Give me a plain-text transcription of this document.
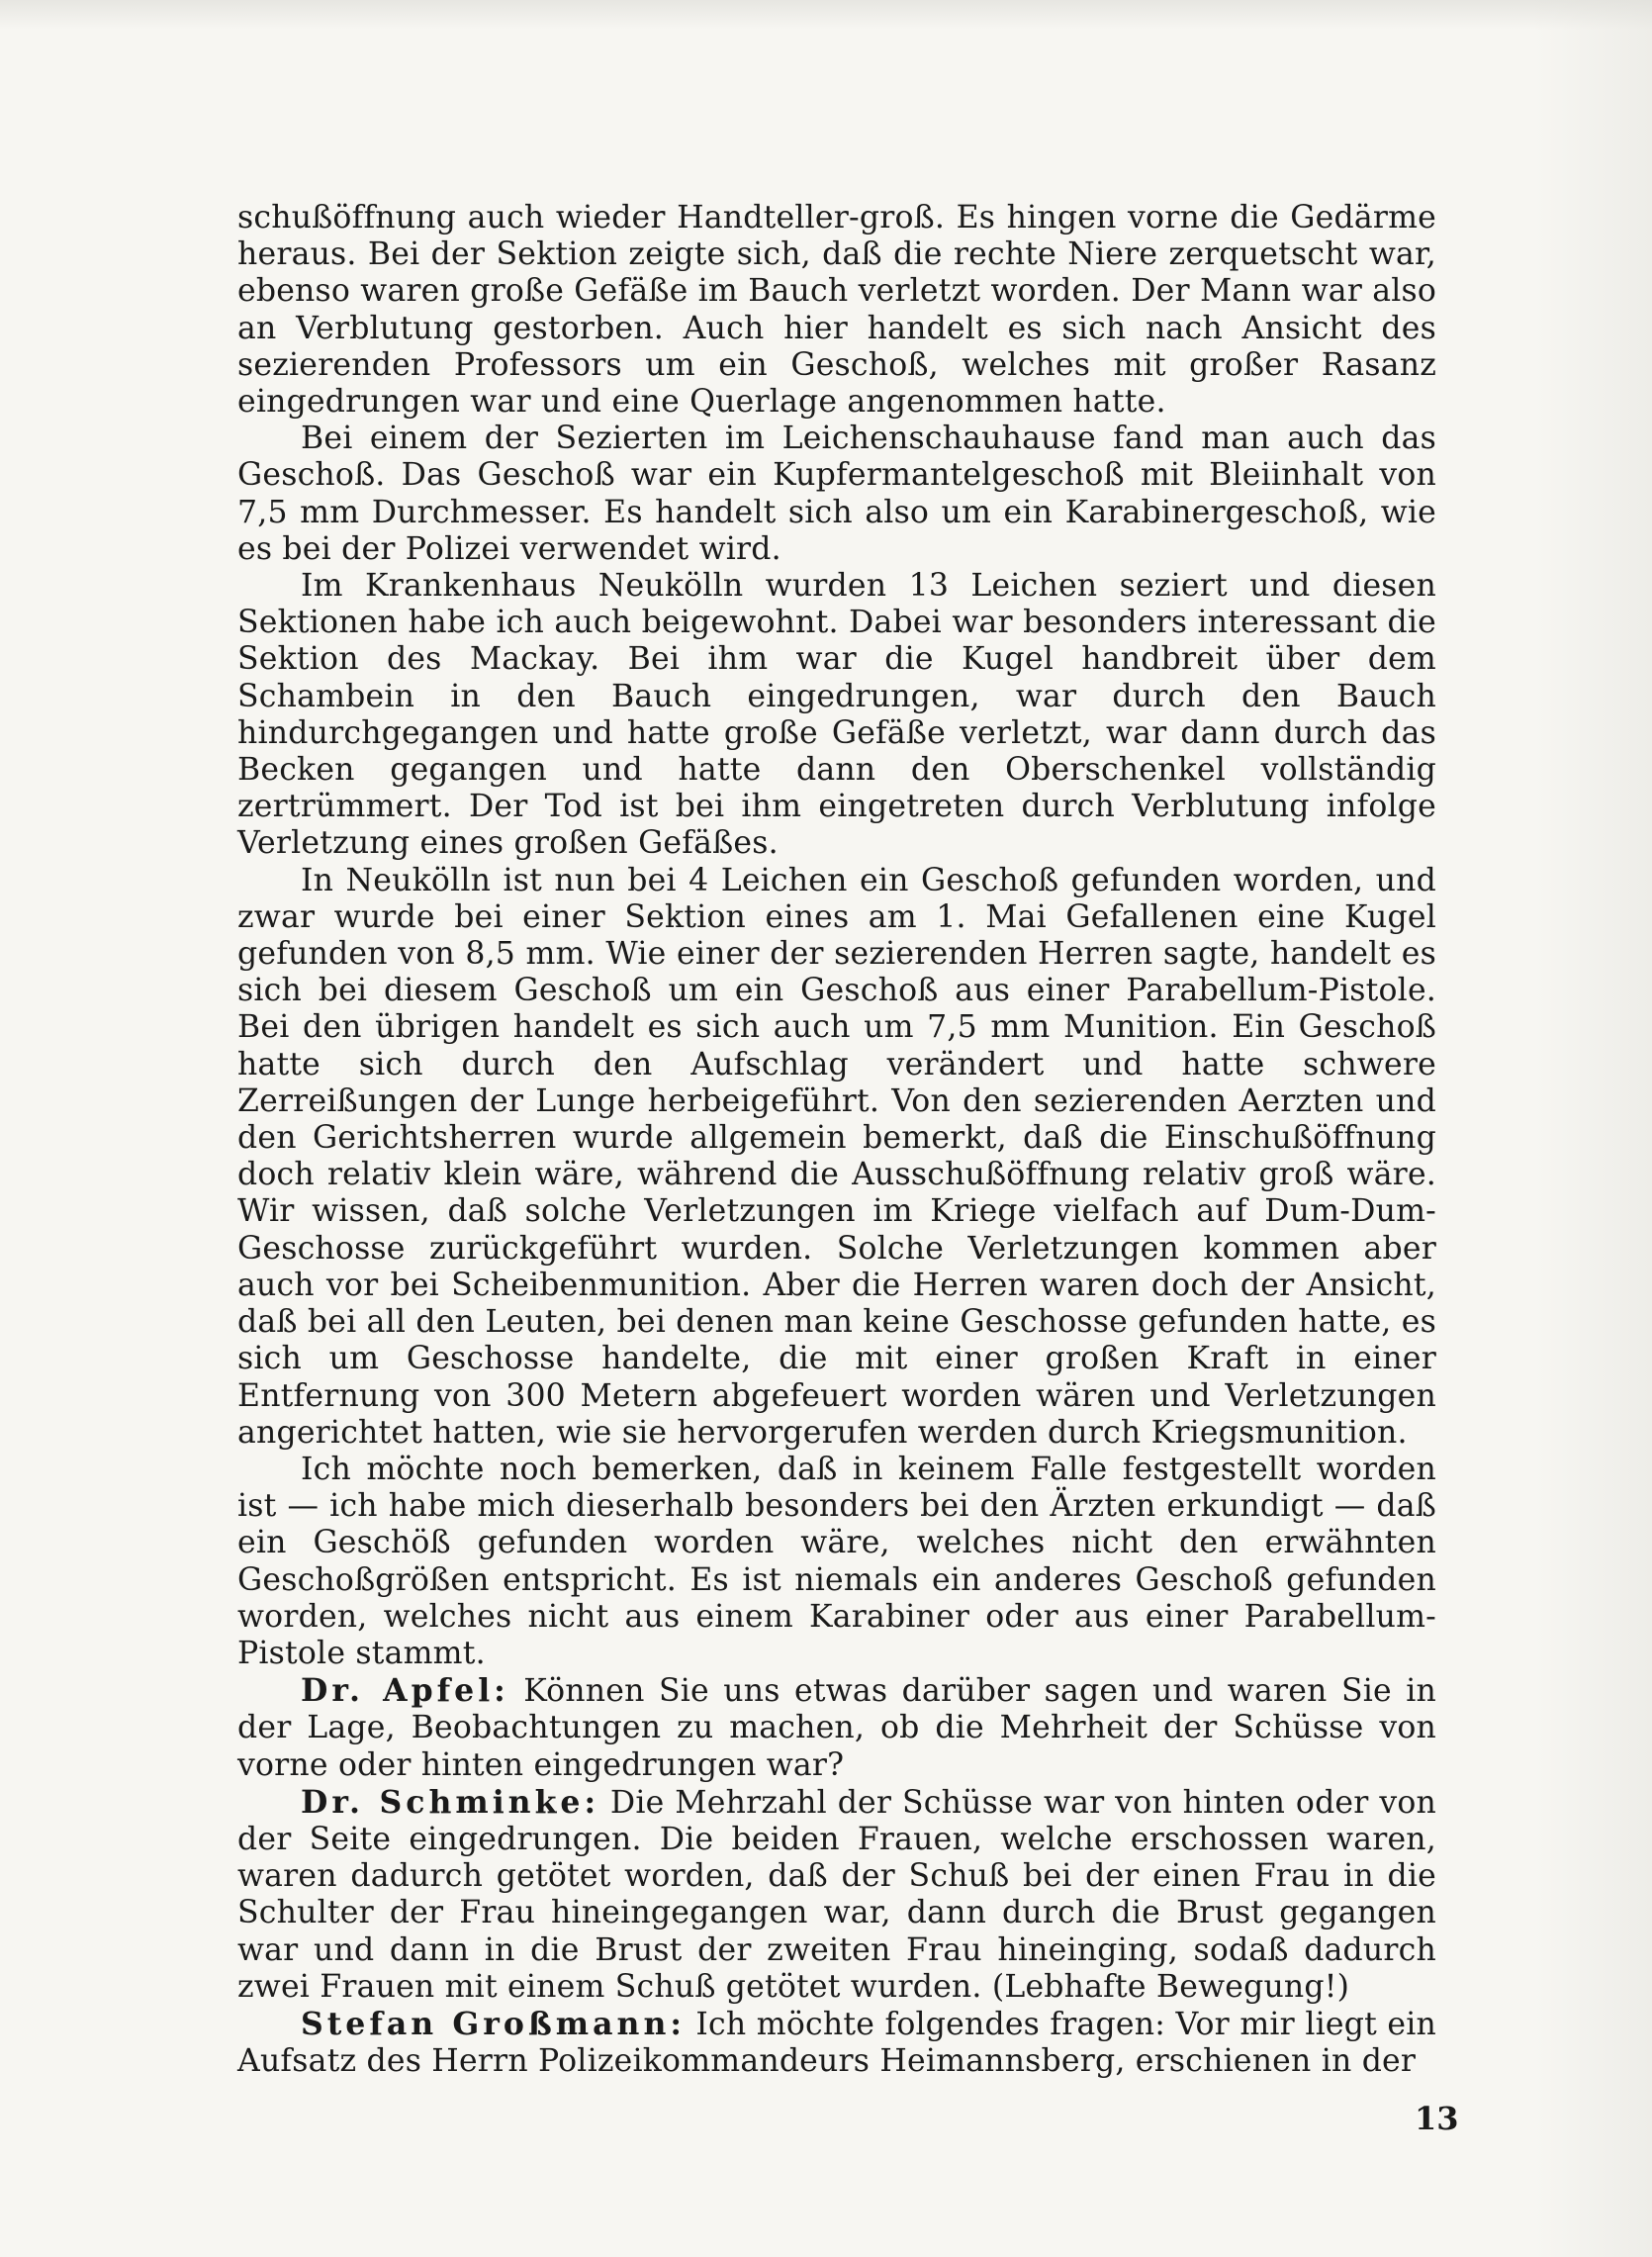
schußöffnung auch wieder Handteller-groß. Es hingen vorne die Gedärme heraus. Bei der Sektion zeigte sich, daß die rechte Niere zerquetscht war, ebenso waren große Gefäße im Bauch verletzt worden. Der Mann war also an Verblutung gestorben. Auch hier handelt es sich nach Ansicht des sezierenden Professors um ein Geschoß, welches mit großer Rasanz eingedrungen war und eine Querlage angenommen hatte.

Bei einem der Sezierten im Leichenschauhause fand man auch das Geschoß. Das Geschoß war ein Kupfermantelgeschoß mit Bleiinhalt von 7,5 mm Durchmesser. Es handelt sich also um ein Karabinergeschoß, wie es bei der Polizei verwendet wird.

Im Krankenhaus Neukölln wurden 13 Leichen seziert und diesen Sektionen habe ich auch beigewohnt. Dabei war besonders interessant die Sektion des Mackay. Bei ihm war die Kugel handbreit über dem Schambein in den Bauch eingedrungen, war durch den Bauch hindurchgegangen und hatte große Gefäße verletzt, war dann durch das Becken gegangen und hatte dann den Oberschenkel vollständig zertrümmert. Der Tod ist bei ihm eingetreten durch Verblutung infolge Verletzung eines großen Gefäßes.

In Neukölln ist nun bei 4 Leichen ein Geschoß gefunden worden, und zwar wurde bei einer Sektion eines am 1. Mai Gefallenen eine Kugel gefunden von 8,5 mm. Wie einer der sezierenden Herren sagte, handelt es sich bei diesem Geschoß um ein Geschoß aus einer Parabellum-Pistole. Bei den übrigen handelt es sich auch um 7,5 mm Munition. Ein Geschoß hatte sich durch den Aufschlag verändert und hatte schwere Zerreißungen der Lunge herbeigeführt. Von den sezierenden Aerzten und den Gerichtsherren wurde allgemein bemerkt, daß die Einschußöffnung doch relativ klein wäre, während die Ausschußöffnung relativ groß wäre. Wir wissen, daß solche Verletzungen im Kriege vielfach auf Dum-Dum-Geschosse zurückgeführt wurden. Solche Verletzungen kommen aber auch vor bei Scheibenmunition. Aber die Herren waren doch der Ansicht, daß bei all den Leuten, bei denen man keine Geschosse gefunden hatte, es sich um Geschosse handelte, die mit einer großen Kraft in einer Entfernung von 300 Metern abgefeuert worden wären und Verletzungen angerichtet hatten, wie sie hervorgerufen werden durch Kriegsmunition.

Ich möchte noch bemerken, daß in keinem Falle festgestellt worden ist — ich habe mich dieserhalb besonders bei den Ärzten erkundigt — daß ein Geschöß gefunden worden wäre, welches nicht den erwähnten Geschoßgrößen entspricht. Es ist niemals ein anderes Geschoß gefunden worden, welches nicht aus einem Karabiner oder aus einer Parabellum-Pistole stammt.

Dr. Apfel: Können Sie uns etwas darüber sagen und waren Sie in der Lage, Beobachtungen zu machen, ob die Mehrheit der Schüsse von vorne oder hinten eingedrungen war?

Dr. Schminke: Die Mehrzahl der Schüsse war von hinten oder von der Seite eingedrungen. Die beiden Frauen, welche erschossen waren, waren dadurch getötet worden, daß der Schuß bei der einen Frau in die Schulter der Frau hineingegangen war, dann durch die Brust gegangen war und dann in die Brust der zweiten Frau hineinging, sodaß dadurch zwei Frauen mit einem Schuß getötet wurden. (Lebhafte Bewegung!)

Stefan Großmann: Ich möchte folgendes fragen: Vor mir liegt ein Aufsatz des Herrn Polizeikommandeurs Heimannsberg, erschienen in der

13
